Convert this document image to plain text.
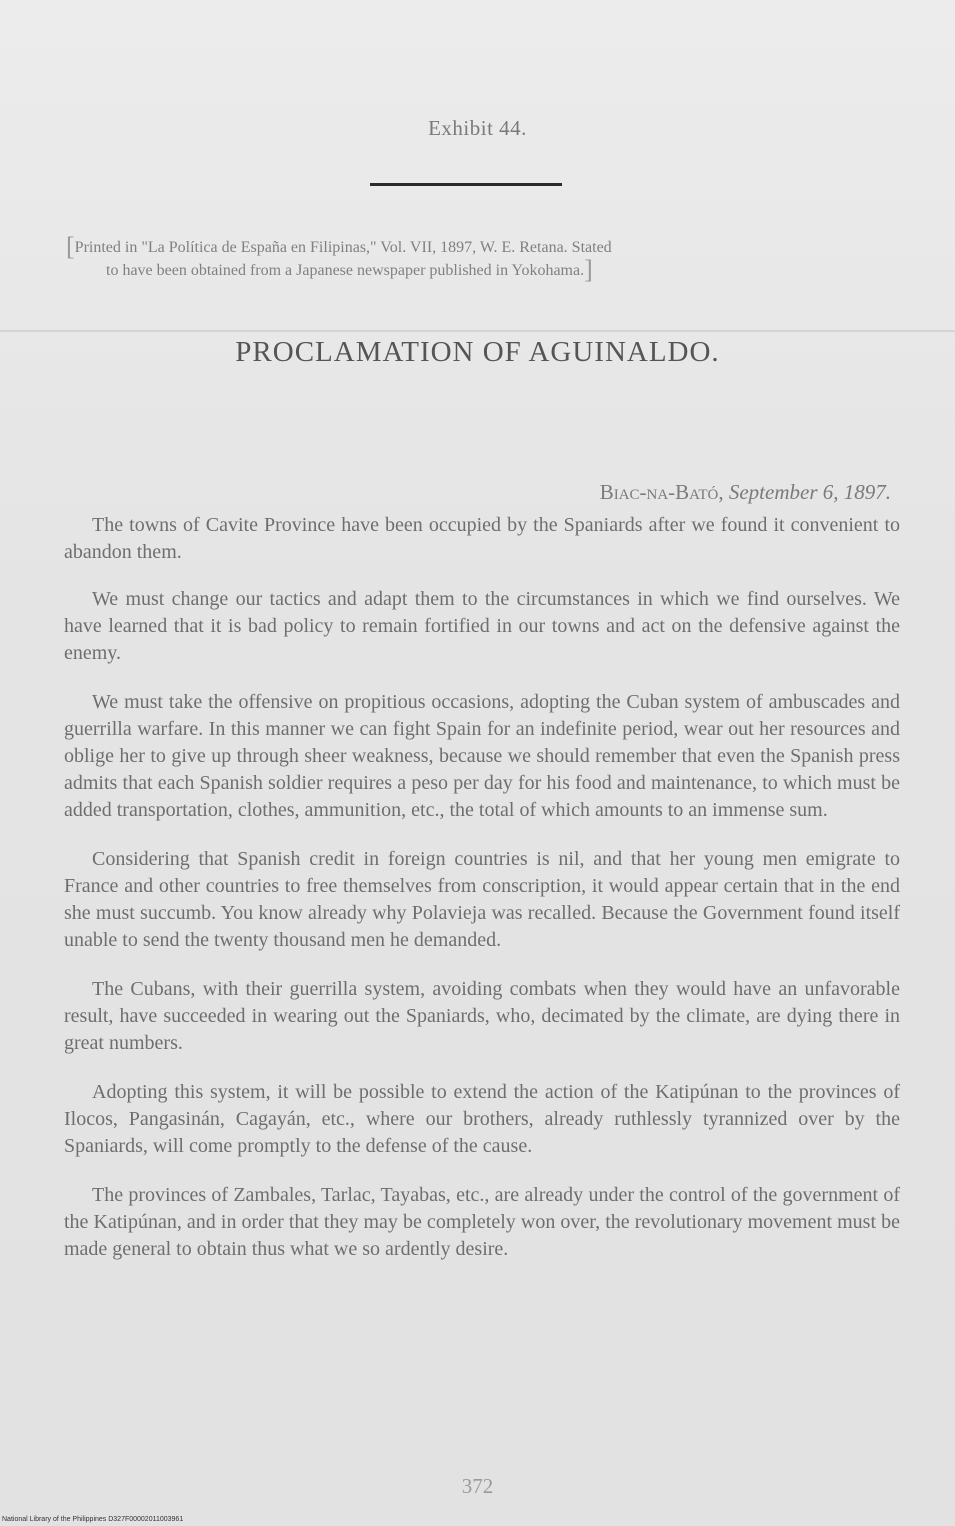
Exhibit 44.
[Printed in "La Política de España en Filipinas," Vol. VII, 1897, W. E. Retana. Stated
to have been obtained from a Japanese newspaper published in Yokohama.]
PROCLAMATION OF AGUINALDO.
Biac-na-Bató, September 6, 1897.

The towns of Cavite Province have been occupied by the Spaniards after we found it convenient to abandon them.

We must change our tactics and adapt them to the circumstances in which we find ourselves. We have learned that it is bad policy to remain fortified in our towns and act on the defensive against the enemy.

We must take the offensive on propitious occasions, adopting the Cuban system of ambuscades and guerrilla warfare. In this manner we can fight Spain for an indefinite period, wear out her resources and oblige her to give up through sheer weakness, because we should remember that even the Spanish press admits that each Spanish soldier requires a peso per day for his food and maintenance, to which must be added transportation, clothes, ammunition, etc., the total of which amounts to an immense sum.

Considering that Spanish credit in foreign countries is nil, and that her young men emigrate to France and other countries to free themselves from conscription, it would appear certain that in the end she must succumb. You know already why Polavieja was recalled. Because the Government found itself unable to send the twenty thousand men he demanded.

The Cubans, with their guerrilla system, avoiding combats when they would have an unfavorable result, have succeeded in wearing out the Spaniards, who, decimated by the climate, are dying there in great numbers.

Adopting this system, it will be possible to extend the action of the Katipúnan to the provinces of Ilocos, Pangasinán, Cagayán, etc., where our brothers, already ruthlessly tyrannized over by the Spaniards, will come promptly to the defense of the cause.

The provinces of Zambales, Tarlac, Tayabas, etc., are already under the control of the government of the Katipúnan, and in order that they may be completely won over, the revolutionary movement must be made general to obtain thus what we so ardently desire.

372
National Library of the Philippines D327F00002011003961
